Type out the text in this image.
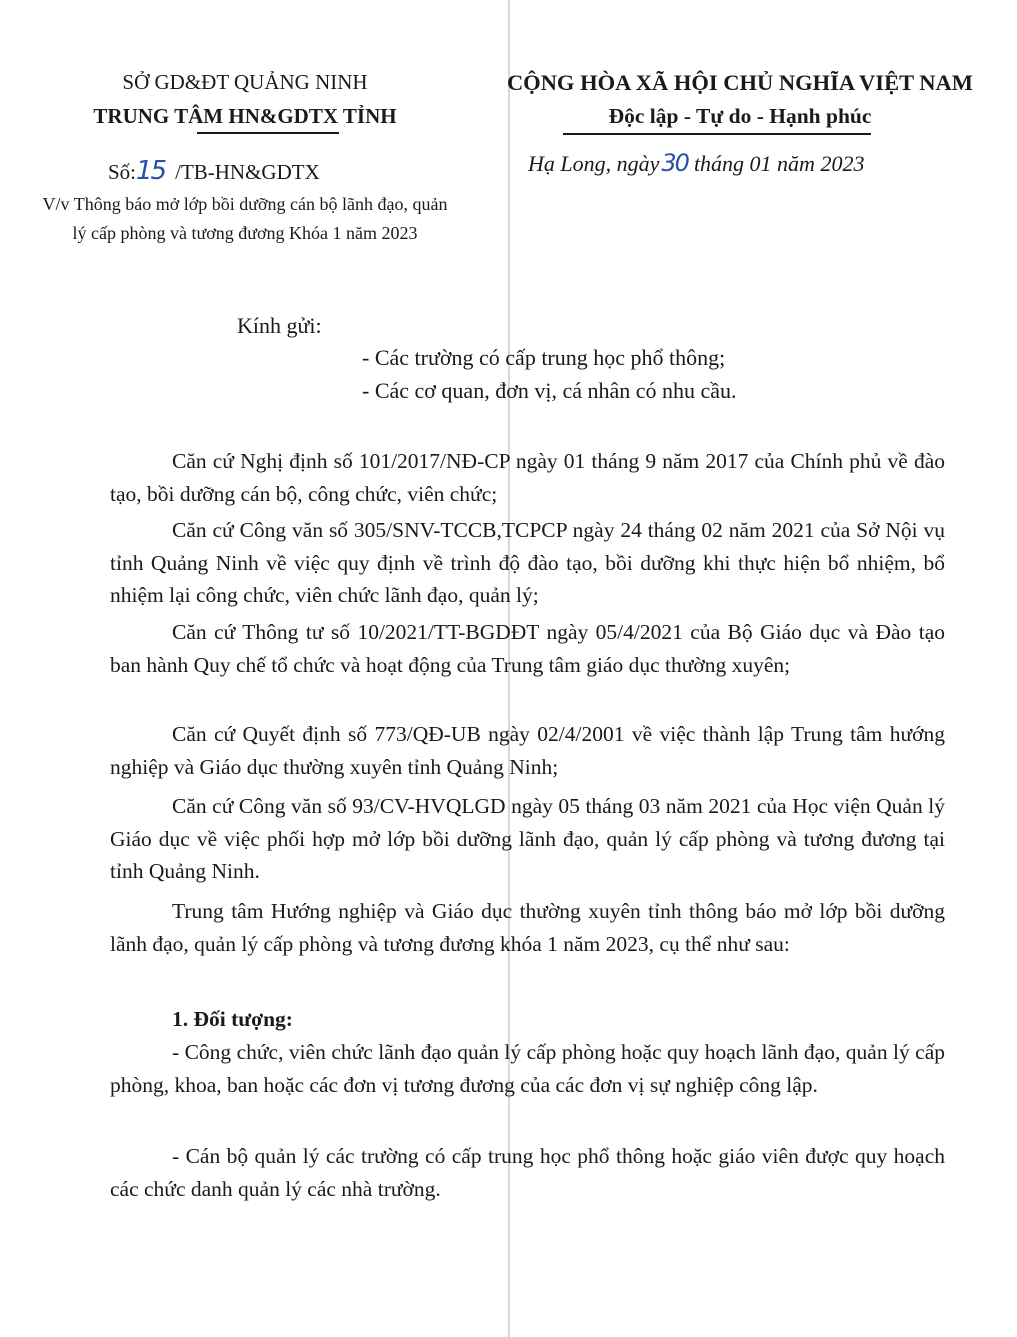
SỞ GD&ĐT QUẢNG NINH
TRUNG TÂM HN&GDTX TỈNH
Số:15 /TB-HN&GDTX
V/v Thông báo mở lớp bồi dưỡng cán bộ lãnh đạo, quản lý cấp phòng và tương đương Khóa 1 năm 2023
CỘNG HÒA XÃ HỘI CHỦ NGHĨA VIỆT NAM
Độc lập - Tự do - Hạnh phúc
Hạ Long, ngày30 tháng 01 năm 2023
Kính gửi:
- Các trường có cấp trung học phổ thông;
- Các cơ quan, đơn vị, cá nhân có nhu cầu.

Căn cứ Nghị định số 101/2017/NĐ-CP ngày 01 tháng 9 năm 2017 của Chính phủ về đào tạo, bồi dưỡng cán bộ, công chức, viên chức;

Căn cứ Công văn số 305/SNV-TCCB,TCPCP ngày 24 tháng 02 năm 2021 của Sở Nội vụ tỉnh Quảng Ninh về việc quy định về trình độ đào tạo, bồi dưỡng khi thực hiện bổ nhiệm, bổ nhiệm lại công chức, viên chức lãnh đạo, quản lý;

Căn cứ Thông tư số 10/2021/TT-BGDĐT ngày 05/4/2021 của Bộ Giáo dục và Đào tạo ban hành Quy chế tổ chức và hoạt động của Trung tâm giáo dục thường xuyên;

Căn cứ Quyết định số 773/QĐ-UB ngày 02/4/2001 về việc thành lập Trung tâm hướng nghiệp và Giáo dục thường xuyên tỉnh Quảng Ninh;

Căn cứ Công văn số 93/CV-HVQLGD ngày 05 tháng 03 năm 2021 của Học viện Quản lý Giáo dục về việc phối hợp mở lớp bồi dưỡng lãnh đạo, quản lý cấp phòng và tương đương tại tỉnh Quảng Ninh.

Trung tâm Hướng nghiệp và Giáo dục thường xuyên tỉnh thông báo mở lớp bồi dưỡng lãnh đạo, quản lý cấp phòng và tương đương khóa 1 năm 2023, cụ thể như sau:

1. Đối tượng:

- Công chức, viên chức lãnh đạo quản lý cấp phòng hoặc quy hoạch lãnh đạo, quản lý cấp phòng, khoa, ban hoặc các đơn vị tương đương của các đơn vị sự nghiệp công lập.

- Cán bộ quản lý các trường có cấp trung học phổ thông hoặc giáo viên được quy hoạch các chức danh quản lý các nhà trường.
